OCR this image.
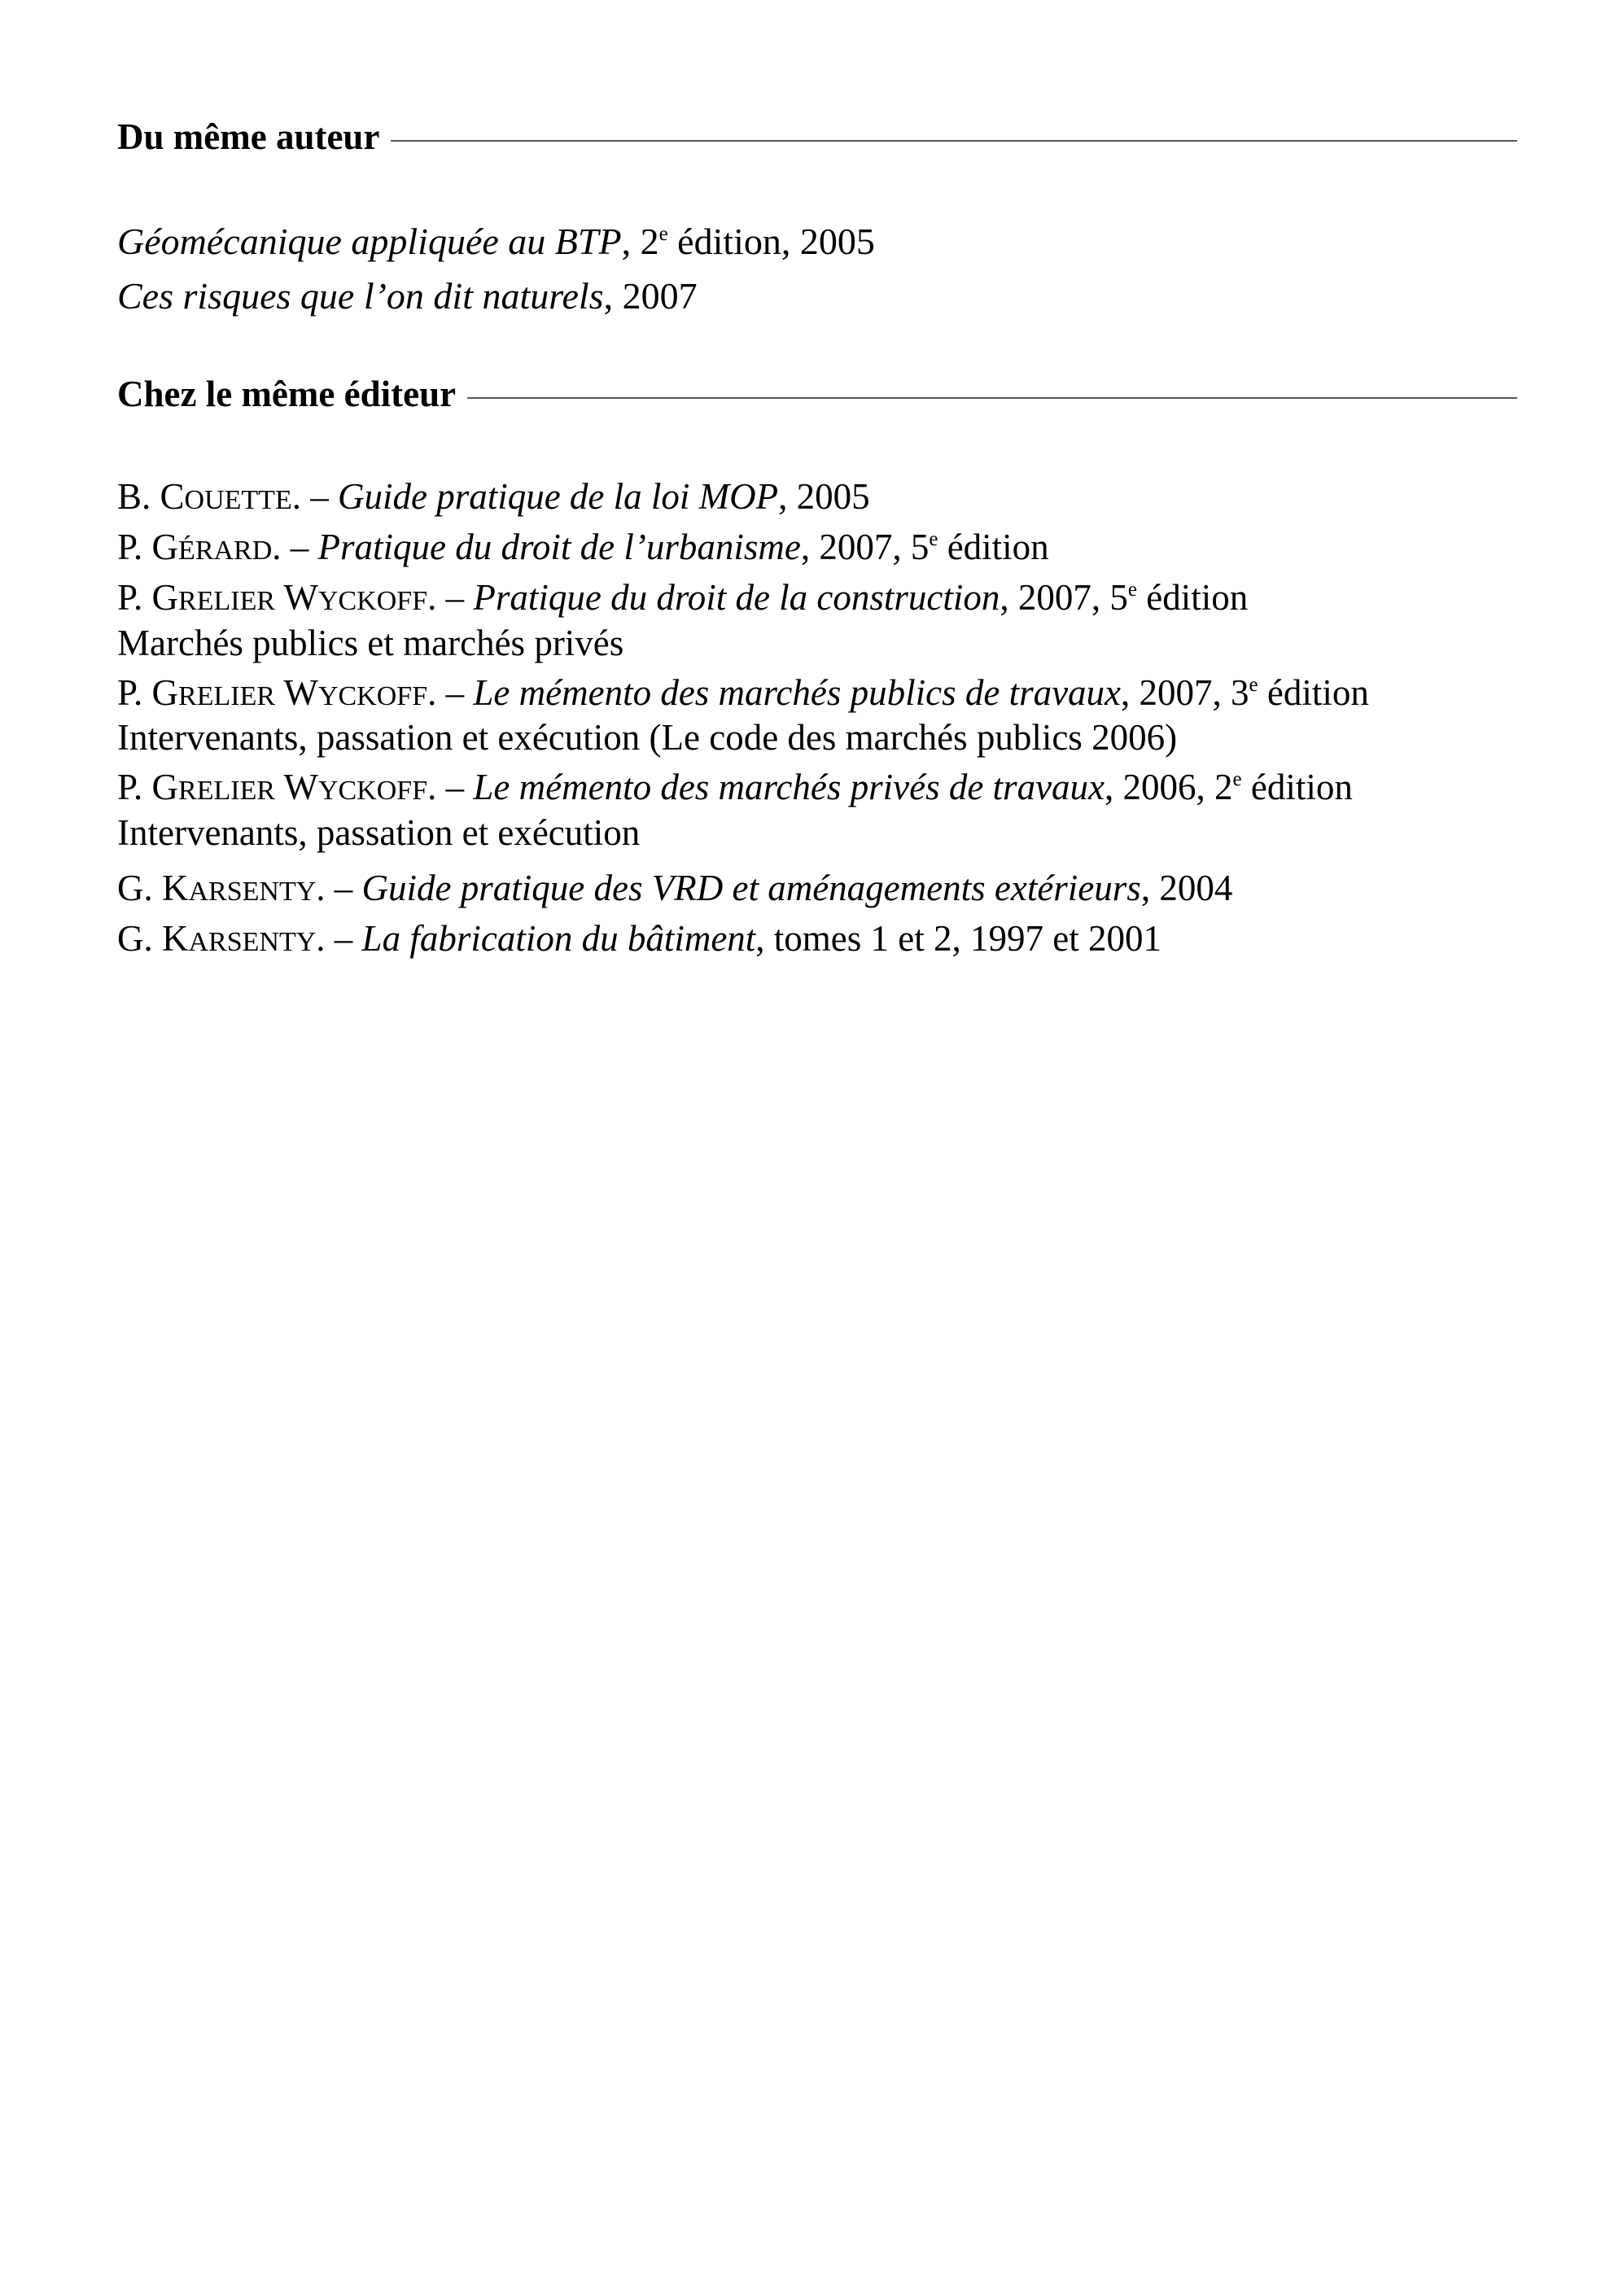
Du même auteur
Géomécanique appliquée au BTP, 2e édition, 2005
Ces risques que l’on dit naturels, 2007
Chez le même éditeur
B. COUETTE. – Guide pratique de la loi MOP, 2005
P. GÉRARD. – Pratique du droit de l’urbanisme, 2007, 5e édition
P. GRELIER WYCKOFF. – Pratique du droit de la construction, 2007, 5e édition
Marchés publics et marchés privés
P. GRELIER WYCKOFF. – Le mémento des marchés publics de travaux, 2007, 3e édition
Intervenants, passation et exécution (Le code des marchés publics 2006)
P. GRELIER WYCKOFF. – Le mémento des marchés privés de travaux, 2006, 2e édition
Intervenants, passation et exécution
G. KARSENTY. – Guide pratique des VRD et aménagements extérieurs, 2004
G. KARSENTY. – La fabrication du bâtiment, tomes 1 et 2, 1997 et 2001
